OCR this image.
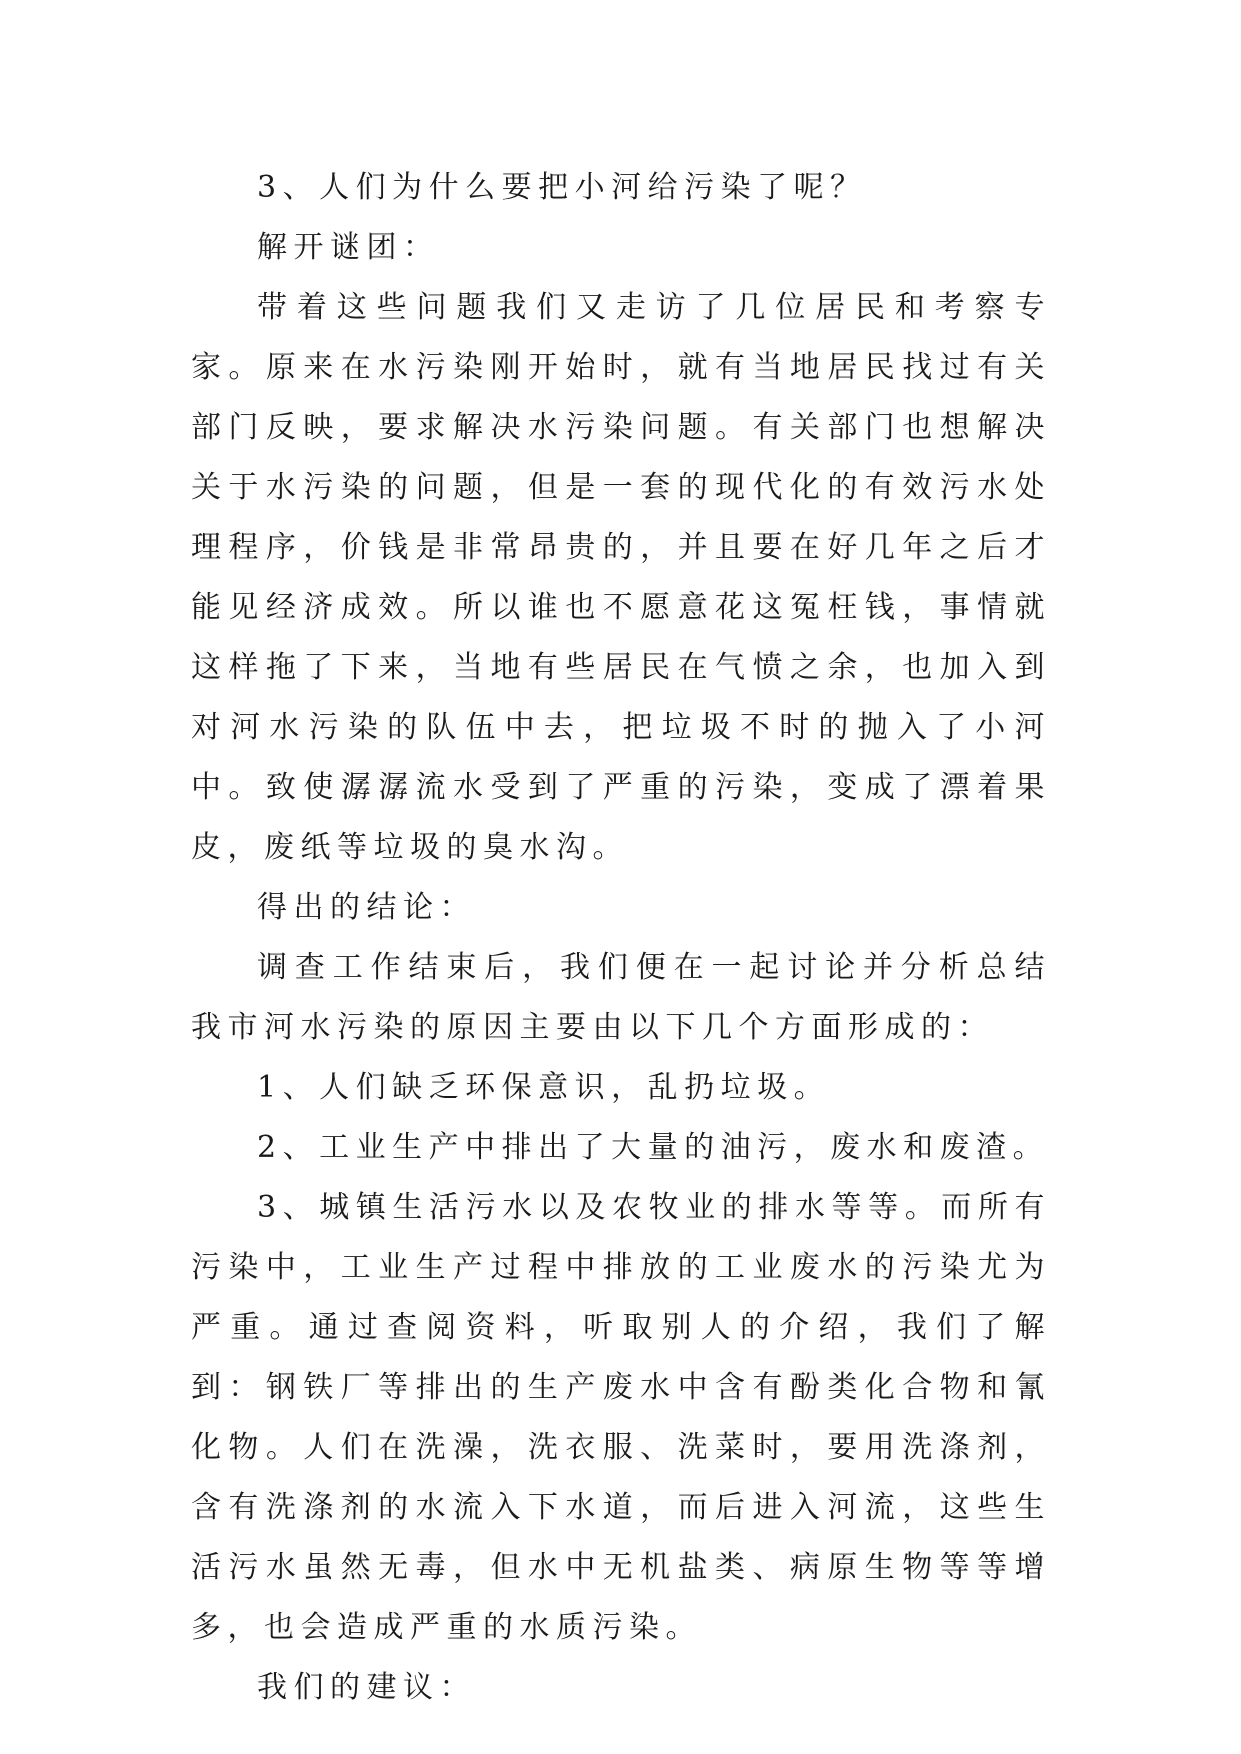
3、人们为什么要把小河给污染了呢？

解开谜团：

带着这些问题我们又走访了几位居民和考察专家。原来在水污染刚开始时，就有当地居民找过有关部门反映，要求解决水污染问题。有关部门也想解决关于水污染的问题，但是一套的现代化的有效污水处理程序，价钱是非常昂贵的，并且要在好几年之后才能见经济成效。所以谁也不愿意花这冤枉钱，事情就这样拖了下来，当地有些居民在气愤之余，也加入到对河水污染的队伍中去，把垃圾不时的抛入了小河中。致使潺潺流水受到了严重的污染，变成了漂着果皮，废纸等垃圾的臭水沟。

得出的结论：

调查工作结束后，我们便在一起讨论并分析总结我市河水污染的原因主要由以下几个方面形成的：

1、人们缺乏环保意识，乱扔垃圾。

2、工业生产中排出了大量的油污，废水和废渣。

3、城镇生活污水以及农牧业的排水等等。而所有污染中，工业生产过程中排放的工业废水的污染尤为严重。通过查阅资料，听取别人的介绍，我们了解到：钢铁厂等排出的生产废水中含有酚类化合物和氰化物。人们在洗澡，洗衣服、洗菜时，要用洗涤剂，含有洗涤剂的水流入下水道，而后进入河流，这些生活污水虽然无毒，但水中无机盐类、病原生物等等增多，也会造成严重的水质污染。

我们的建议：
